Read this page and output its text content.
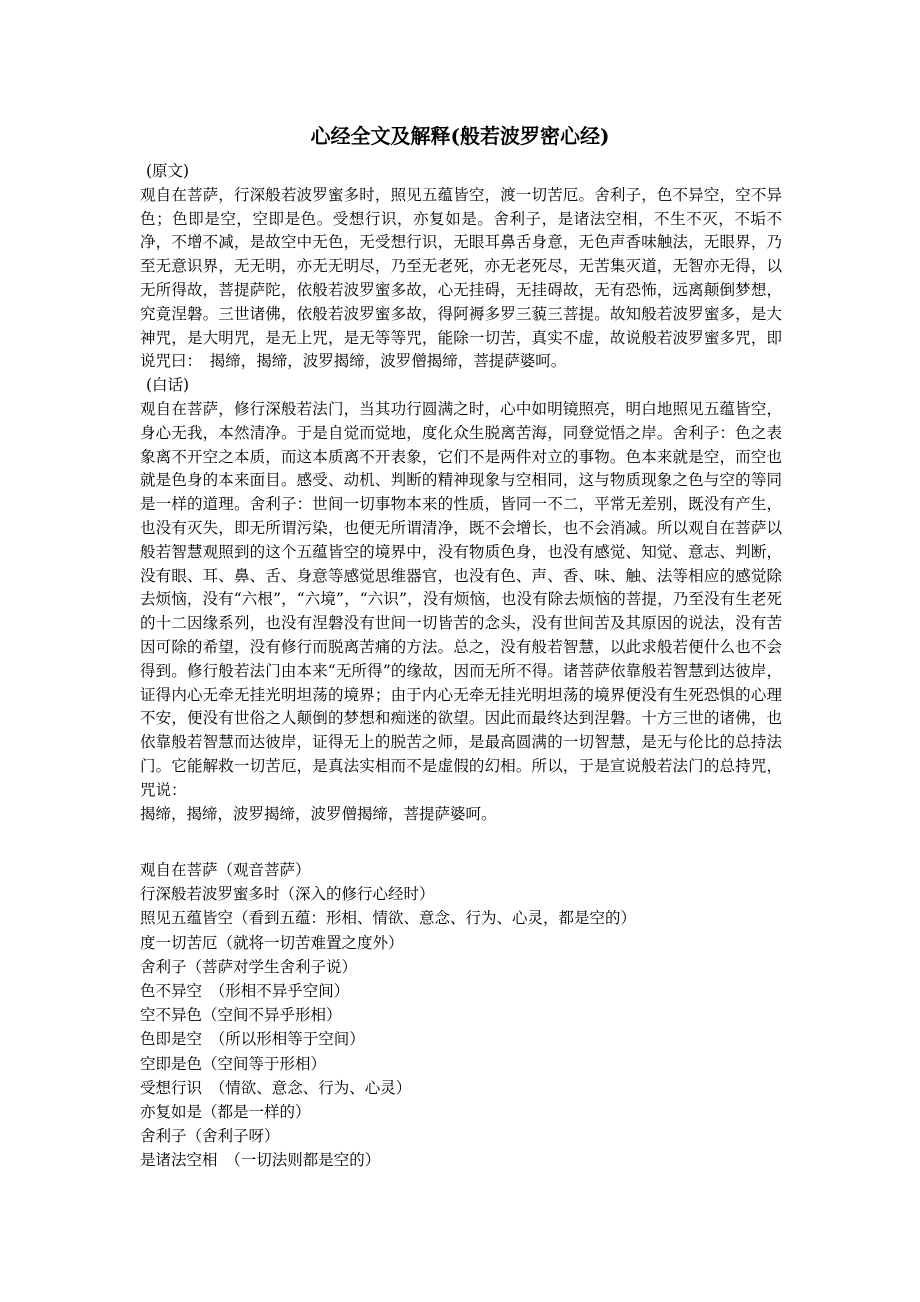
心经全文及解释(般若波罗密心经)
(原文)
观自在菩萨，行深般若波罗蜜多时，照见五蕴皆空，渡一切苦厄。舍利子，色不异空，空不异色；色即是空，空即是色。受想行识，亦复如是。舍利子，是诸法空相，不生不灭，不垢不净，不增不减，是故空中无色，无受想行识，无眼耳鼻舌身意，无色声香味触法，无眼界，乃至无意识界，无无明，亦无无明尽，乃至无老死，亦无老死尽，无苦集灭道，无智亦无得，以无所得故，菩提萨陀，依般若波罗蜜多故，心无挂碍，无挂碍故，无有恐怖，远离颠倒梦想，究竟涅磐。三世诸佛，依般若波罗蜜多故，得阿褥多罗三藐三菩提。故知般若波罗蜜多，是大神咒，是大明咒，是无上咒，是无等等咒，能除一切苦，真实不虚，故说般若波罗蜜多咒，即说咒曰：　揭缔，揭缔，波罗揭缔，波罗僧揭缔，菩提萨婆呵。
(白话)
观自在菩萨，修行深般若法门，当其功行圆满之时，心中如明镜照亮，明白地照见五蕴皆空，身心无我，本然清净。于是自觉而觉地，度化众生脱离苦海，同登觉悟之岸。舍利子：色之表象离不开空之本质，而这本质离不开表象，它们不是两件对立的事物。色本来就是空，而空也就是色身的本来面目。感受、动机、判断的精神现象与空相同，这与物质现象之色与空的等同是一样的道理。舍利子：世间一切事物本来的性质，皆同一不二，平常无差别，既没有产生，也没有灭失，即无所谓污染，也便无所谓清净，既不会增长，也不会消减。所以观自在菩萨以般若智慧观照到的这个五蕴皆空的境界中，没有物质色身，也没有感觉、知觉、意志、判断，没有眼、耳、鼻、舌、身意等感觉思维器官，也没有色、声、香、味、触、法等相应的感觉除去烦恼，没有“六根”，“六境”，“六识”，没有烦恼，也没有除去烦恼的菩提，乃至没有生老死的十二因缘系列，也没有涅磐没有世间一切皆苦的念头，没有世间苦及其原因的说法，没有苦因可除的希望，没有修行而脱离苦痛的方法。总之，没有般若智慧，以此求般若便什么也不会得到。修行般若法门由本来“无所得”的缘故，因而无所不得。诸菩萨依靠般若智慧到达彼岸，证得内心无牵无挂光明坦荡的境界；由于内心无牵无挂光明坦荡的境界便没有生死恐惧的心理不安，便没有世俗之人颠倒的梦想和痴迷的欲望。因此而最终达到涅磐。十方三世的诸佛，也依靠般若智慧而达彼岸，证得无上的脱苦之师，是最高圆满的一切智慧，是无与伦比的总持法门。它能解救一切苦厄，是真法实相而不是虚假的幻相。所以，于是宣说般若法门的总持咒，咒说：
揭缔，揭缔，波罗揭缔，波罗僧揭缔，菩提萨婆呵。
观自在菩萨（观音菩萨）
行深般若波罗蜜多时（深入的修行心经时）
照见五蕴皆空（看到五蕴：形相、情欲、意念、行为、心灵，都是空的）
度一切苦厄（就将一切苦难置之度外）
舍利子（菩萨对学生舍利子说）
色不异空　（形相不异乎空间）
空不异色（空间不异乎形相）
色即是空　（所以形相等于空间）
空即是色（空间等于形相）
受想行识　（情欲、意念、行为、心灵）
亦复如是（都是一样的）
舍利子（舍利子呀）
是诸法空相　（一切法则都是空的）
